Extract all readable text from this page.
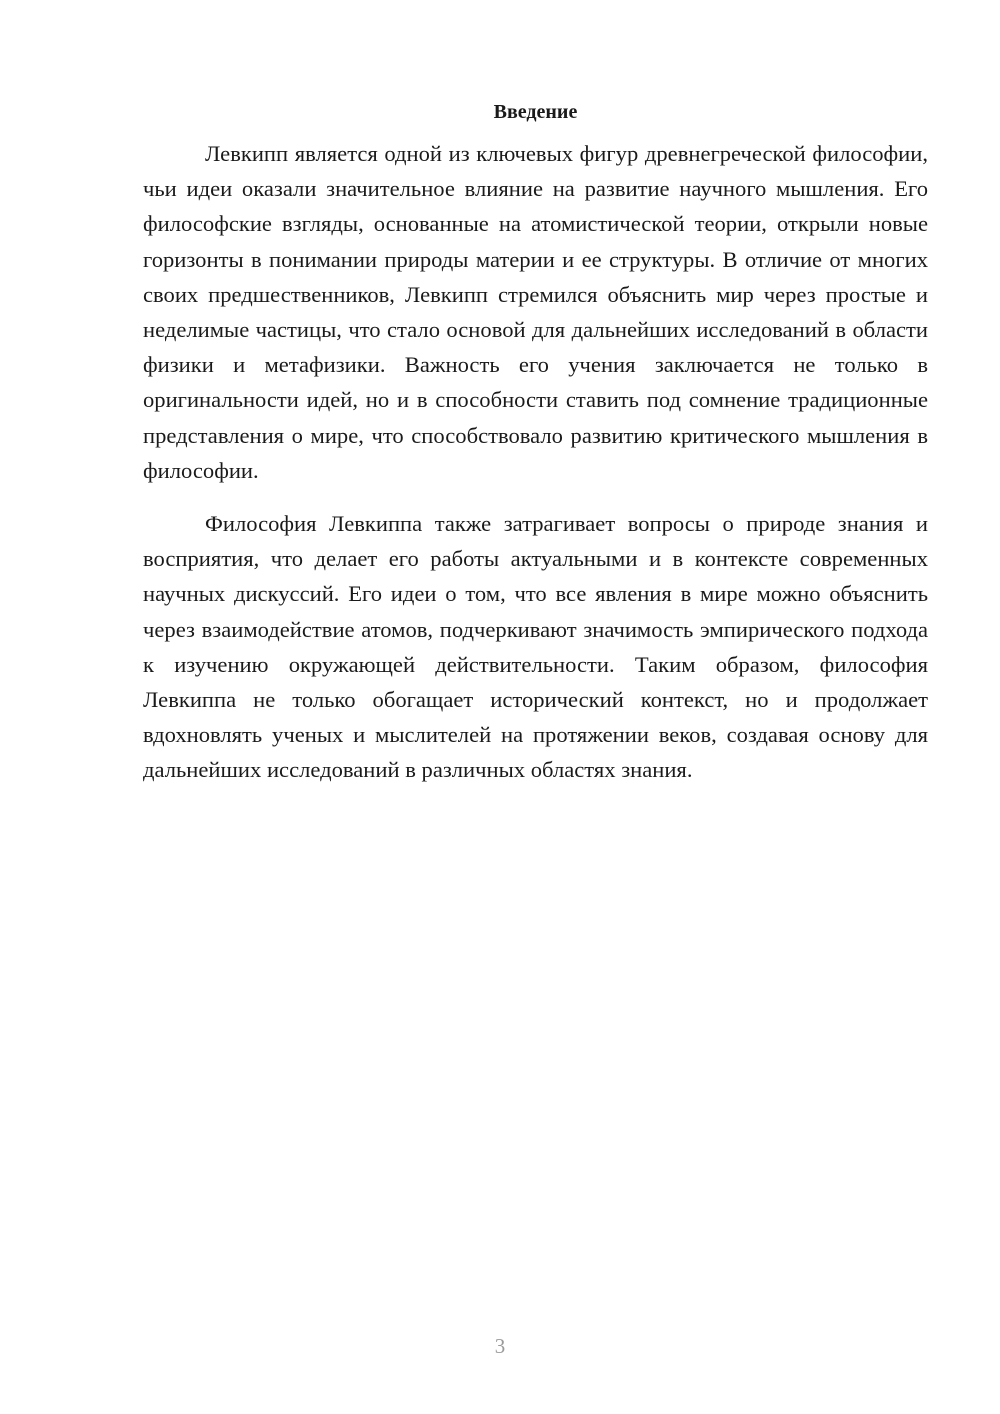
Введение

Левкипп является одной из ключевых фигур древнегреческой философии, чьи идеи оказали значительное влияние на развитие научного мышления. Его философские взгляды, основанные на атомистической теории, открыли новые горизонты в понимании природы материи и ее структуры. В отличие от многих своих предшественников, Левкипп стремился объяснить мир через простые и неделимые частицы, что стало основой для дальнейших исследований в области физики и метафизики. Важность его учения заключается не только в оригинальности идей, но и в способности ставить под сомнение традиционные представления о мире, что способствовало развитию критического мышления в философии.

Философия Левкиппа также затрагивает вопросы о природе знания и восприятия, что делает его работы актуальными и в контексте современных научных дискуссий. Его идеи о том, что все явления в мире можно объяснить через взаимодействие атомов, подчеркивают значимость эмпирического подхода к изучению окружающей действительности. Таким образом, философия Левкиппа не только обогащает исторический контекст, но и продолжает вдохновлять ученых и мыслителей на протяжении веков, создавая основу для дальнейших исследований в различных областях знания.

3
